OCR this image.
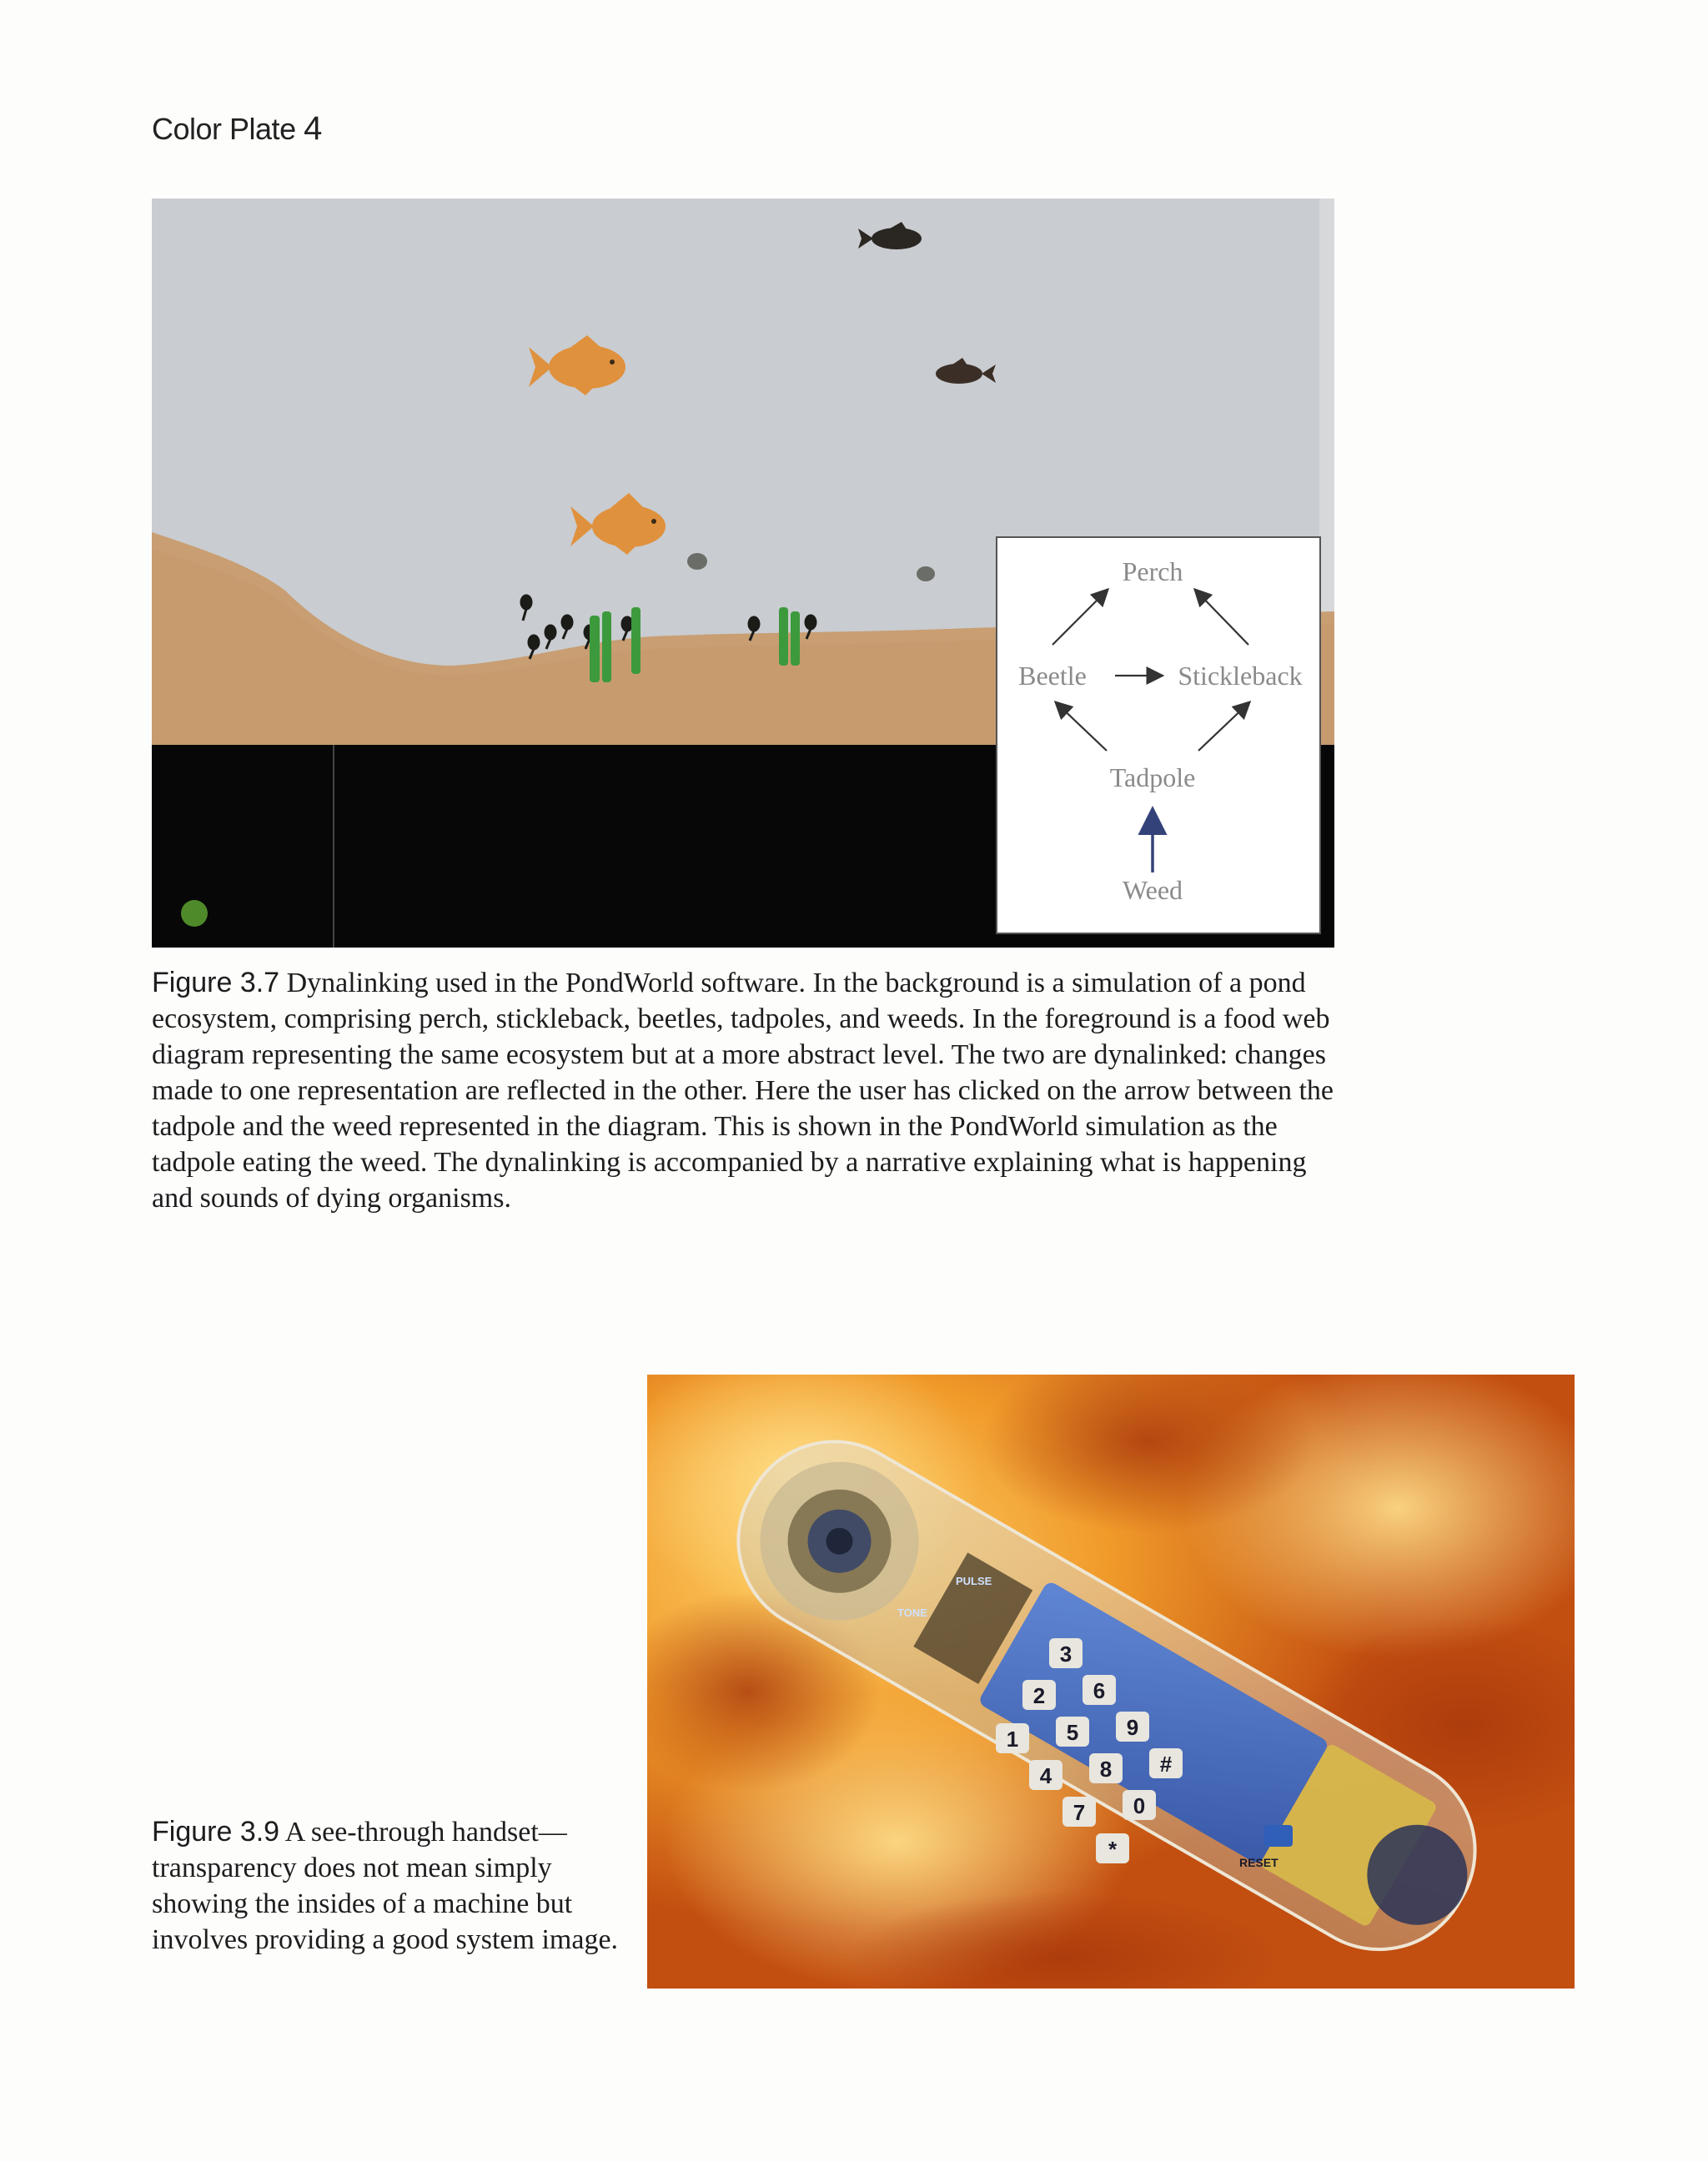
Color Plate 4
Perch
Beetle	Stickleback
Tadpole
Weed
Figure 3.7 Dynalinking used in the PondWorld software. In the background is a simulation of a pond ecosystem, comprising perch, stickleback, beetles, tadpoles, and weeds. In the foreground is a food web diagram representing the same ecosystem but at a more abstract level. The two are dynalinked: changes made to one representation are reflected in the other. Here the user has clicked on the arrow between the tadpole and the weed represented in the diagram. This is shown in the PondWorld simulation as the tadpole eating the weed. The dynalinking is accompanied by a narrative explaining what is happening and sounds of dying organisms.
1
2
3
4
5
6
7
8
9
*
0
#
TONE
PULSE
RESET
Figure 3.9 A see-through handset—transparency does not mean simply showing the insides of a machine but involves providing a good system image.
